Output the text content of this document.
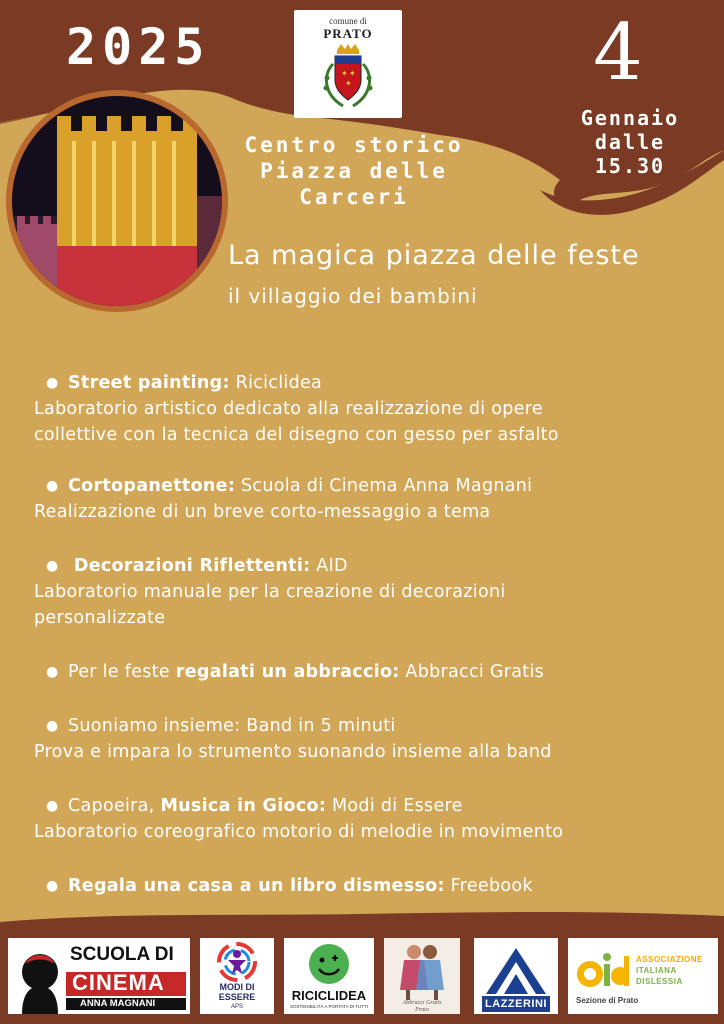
2025	comune di
PRATO
✦ ✦
✦	4
Gennaio
dalle
15.30
Centro storico
Piazza delle
Carceri
La magica piazza delle feste
il villaggio dei bambini
● Street painting: Riciclidea
Laboratorio artistico dedicato alla realizzazione di opere
collettive con la tecnica del disegno con gesso per asfalto
● Cortopanettone: Scuola di Cinema Anna Magnani
Realizzazione di un breve corto-messaggio a tema
● Decorazioni Riflettenti: AID
Laboratorio manuale per la creazione di decorazioni
personalizzate
● Per le feste regalati un abbraccio: Abbracci Gratis
● Suoniamo insieme: Band in 5 minuti
Prova e impara lo strumento suonando insieme alla band
● Capoeira, Musica in Gioco: Modi di Essere
Laboratorio coreografico motorio di melodie in movimento
● Regala una casa a un libro dismesso: Freebook
SCUOLA DI
CINEMA
ANNA MAGNANI
MODI DI
ESSERE
APS
RICICLIDEA
SOSTENIBILITÀ A PORTATA DI TUTTI
Abbracci Gratis
Prato	LAZZERINI
ASSOCIAZIONE
ITALIANA
DISLESSIA
Sezione di Prato
